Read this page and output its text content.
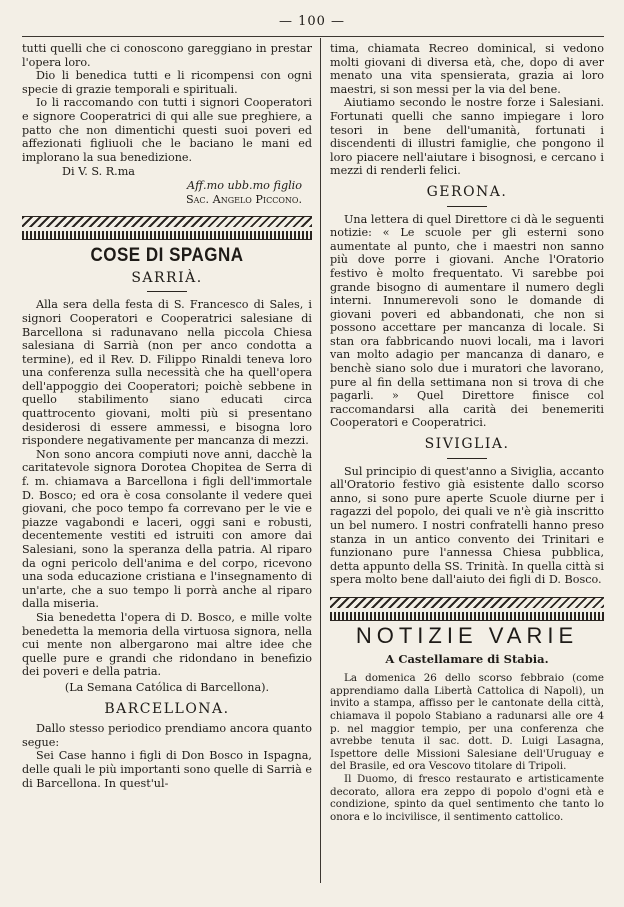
— 100 —

tutti quelli che ci conoscono gareggiano in prestar l'opera loro.

Dio li benedica tutti e li ricompensi con ogni specie di grazie temporali e spirituali.

Io li raccomando con tutti i signori Cooperatori e signore Cooperatrici di qui alle sue preghiere, a patto che non dimentichi questi suoi poveri ed affezionati figliuoli che le baciano le mani ed implorano la sua benedizione.

Di V. S. R.ma
Aff.mo ubb.mo figlio
Sac. Angelo Piccono.
COSE DI SPAGNA
SARRIÀ.

Alla sera della festa di S. Francesco di Sales, i signori Cooperatori e Cooperatrici salesiane di Barcellona si radunavano nella piccola Chiesa salesiana di Sarrià (non per anco condotta a termine), ed il Rev. D. Filippo Rinaldi teneva loro una conferenza sulla necessità che ha quell'opera dell'appoggio dei Cooperatori; poichè sebbene in quello stabilimento siano educati circa quattrocento giovani, molti più si presentano desiderosi di essere ammessi, e bisogna loro rispondere negativamente per mancanza di mezzi.

Non sono ancora compiuti nove anni, dacchè la caritatevole signora Dorotea Chopitea de Serra di f. m. chiamava a Barcellona i figli dell'immortale D. Bosco; ed ora è cosa consolante il vedere quei giovani, che poco tempo fa correvano per le vie e piazze vagabondi e laceri, oggi sani e robusti, decentemente vestiti ed istruiti con amore dai Salesiani, sono la speranza della patria. Al riparo da ogni pericolo dell'anima e del corpo, ricevono una soda educazione cristiana e l'insegnamento di un'arte, che a suo tempo li porrà anche al riparo dalla miseria.

Sia benedetta l'opera di D. Bosco, e mille volte benedetta la memoria della virtuosa signora, nella cui mente non albergarono mai altre idee che quelle pure e grandi che ridondano in benefizio dei poveri e della patria.

(La Semana Católica di Barcellona).
BARCELLONA.

Dallo stesso periodico prendiamo ancora quanto segue:

Sei Case hanno i figli di Don Bosco in Ispagna, delle quali le più importanti sono quelle di Sarrià e di Barcellona. In quest'ul-

tima, chiamata Recreo dominical, si vedono molti giovani di diversa età, che, dopo di aver menato una vita spensierata, grazia ai loro maestri, si son messi per la via del bene.

Aiutiamo secondo le nostre forze i Salesiani. Fortunati quelli che sanno impiegare i loro tesori in bene dell'umanità, fortunati i discendenti di illustri famiglie, che pongono il loro piacere nell'aiutare i bisognosi, e cercano i mezzi di renderli felici.

GERONA.

Una lettera di quel Direttore ci dà le seguenti notizie: « Le scuole per gli esterni sono aumentate al punto, che i maestri non sanno più dove porre i giovani. Anche l'Oratorio festivo è molto frequentato. Vi sarebbe poi grande bisogno di aumentare il numero degli interni. Innumerevoli sono le domande di giovani poveri ed abbandonati, che non si possono accettare per mancanza di locale. Si stan ora fabbricando nuovi locali, ma i lavori van molto adagio per mancanza di danaro, e benchè siano solo due i muratori che lavorano, pure al fin della settimana non si trova di che pagarli. » Quel Direttore finisce col raccomandarsi alla carità dei benemeriti Cooperatori e Cooperatrici.

SIVIGLIA.

Sul principio di quest'anno a Siviglia, accanto all'Oratorio festivo già esistente dallo scorso anno, si sono pure aperte Scuole diurne per i ragazzi del popolo, dei quali ve n'è già inscritto un bel numero. I nostri confratelli hanno preso stanza in un antico convento dei Trinitari e funzionano pure l'annessa Chiesa pubblica, detta appunto della SS. Trinità. In quella città si spera molto bene dall'aiuto dei figli di D. Bosco.

NOTIZIE VARIE
A Castellamare di Stabia.

La domenica 26 dello scorso febbraio (come apprendiamo dalla Libertà Cattolica di Napoli), un invito a stampa, affisso per le cantonate della città, chiamava il popolo Stabiano a radunarsi alle ore 4 p. nel maggior tempio, per una conferenza che avrebbe tenuta il sac. dott. D. Luigi Lasagna, Ispettore delle Missioni Salesiane dell'Uruguay e del Brasile, ed ora Vescovo titolare di Tripoli.

Il Duomo, di fresco restaurato e artisticamente decorato, allora era zeppo di popolo d'ogni età e condizione, spinto da quel sentimento che tanto lo onora e lo incivilisce, il sentimento cattolico.
